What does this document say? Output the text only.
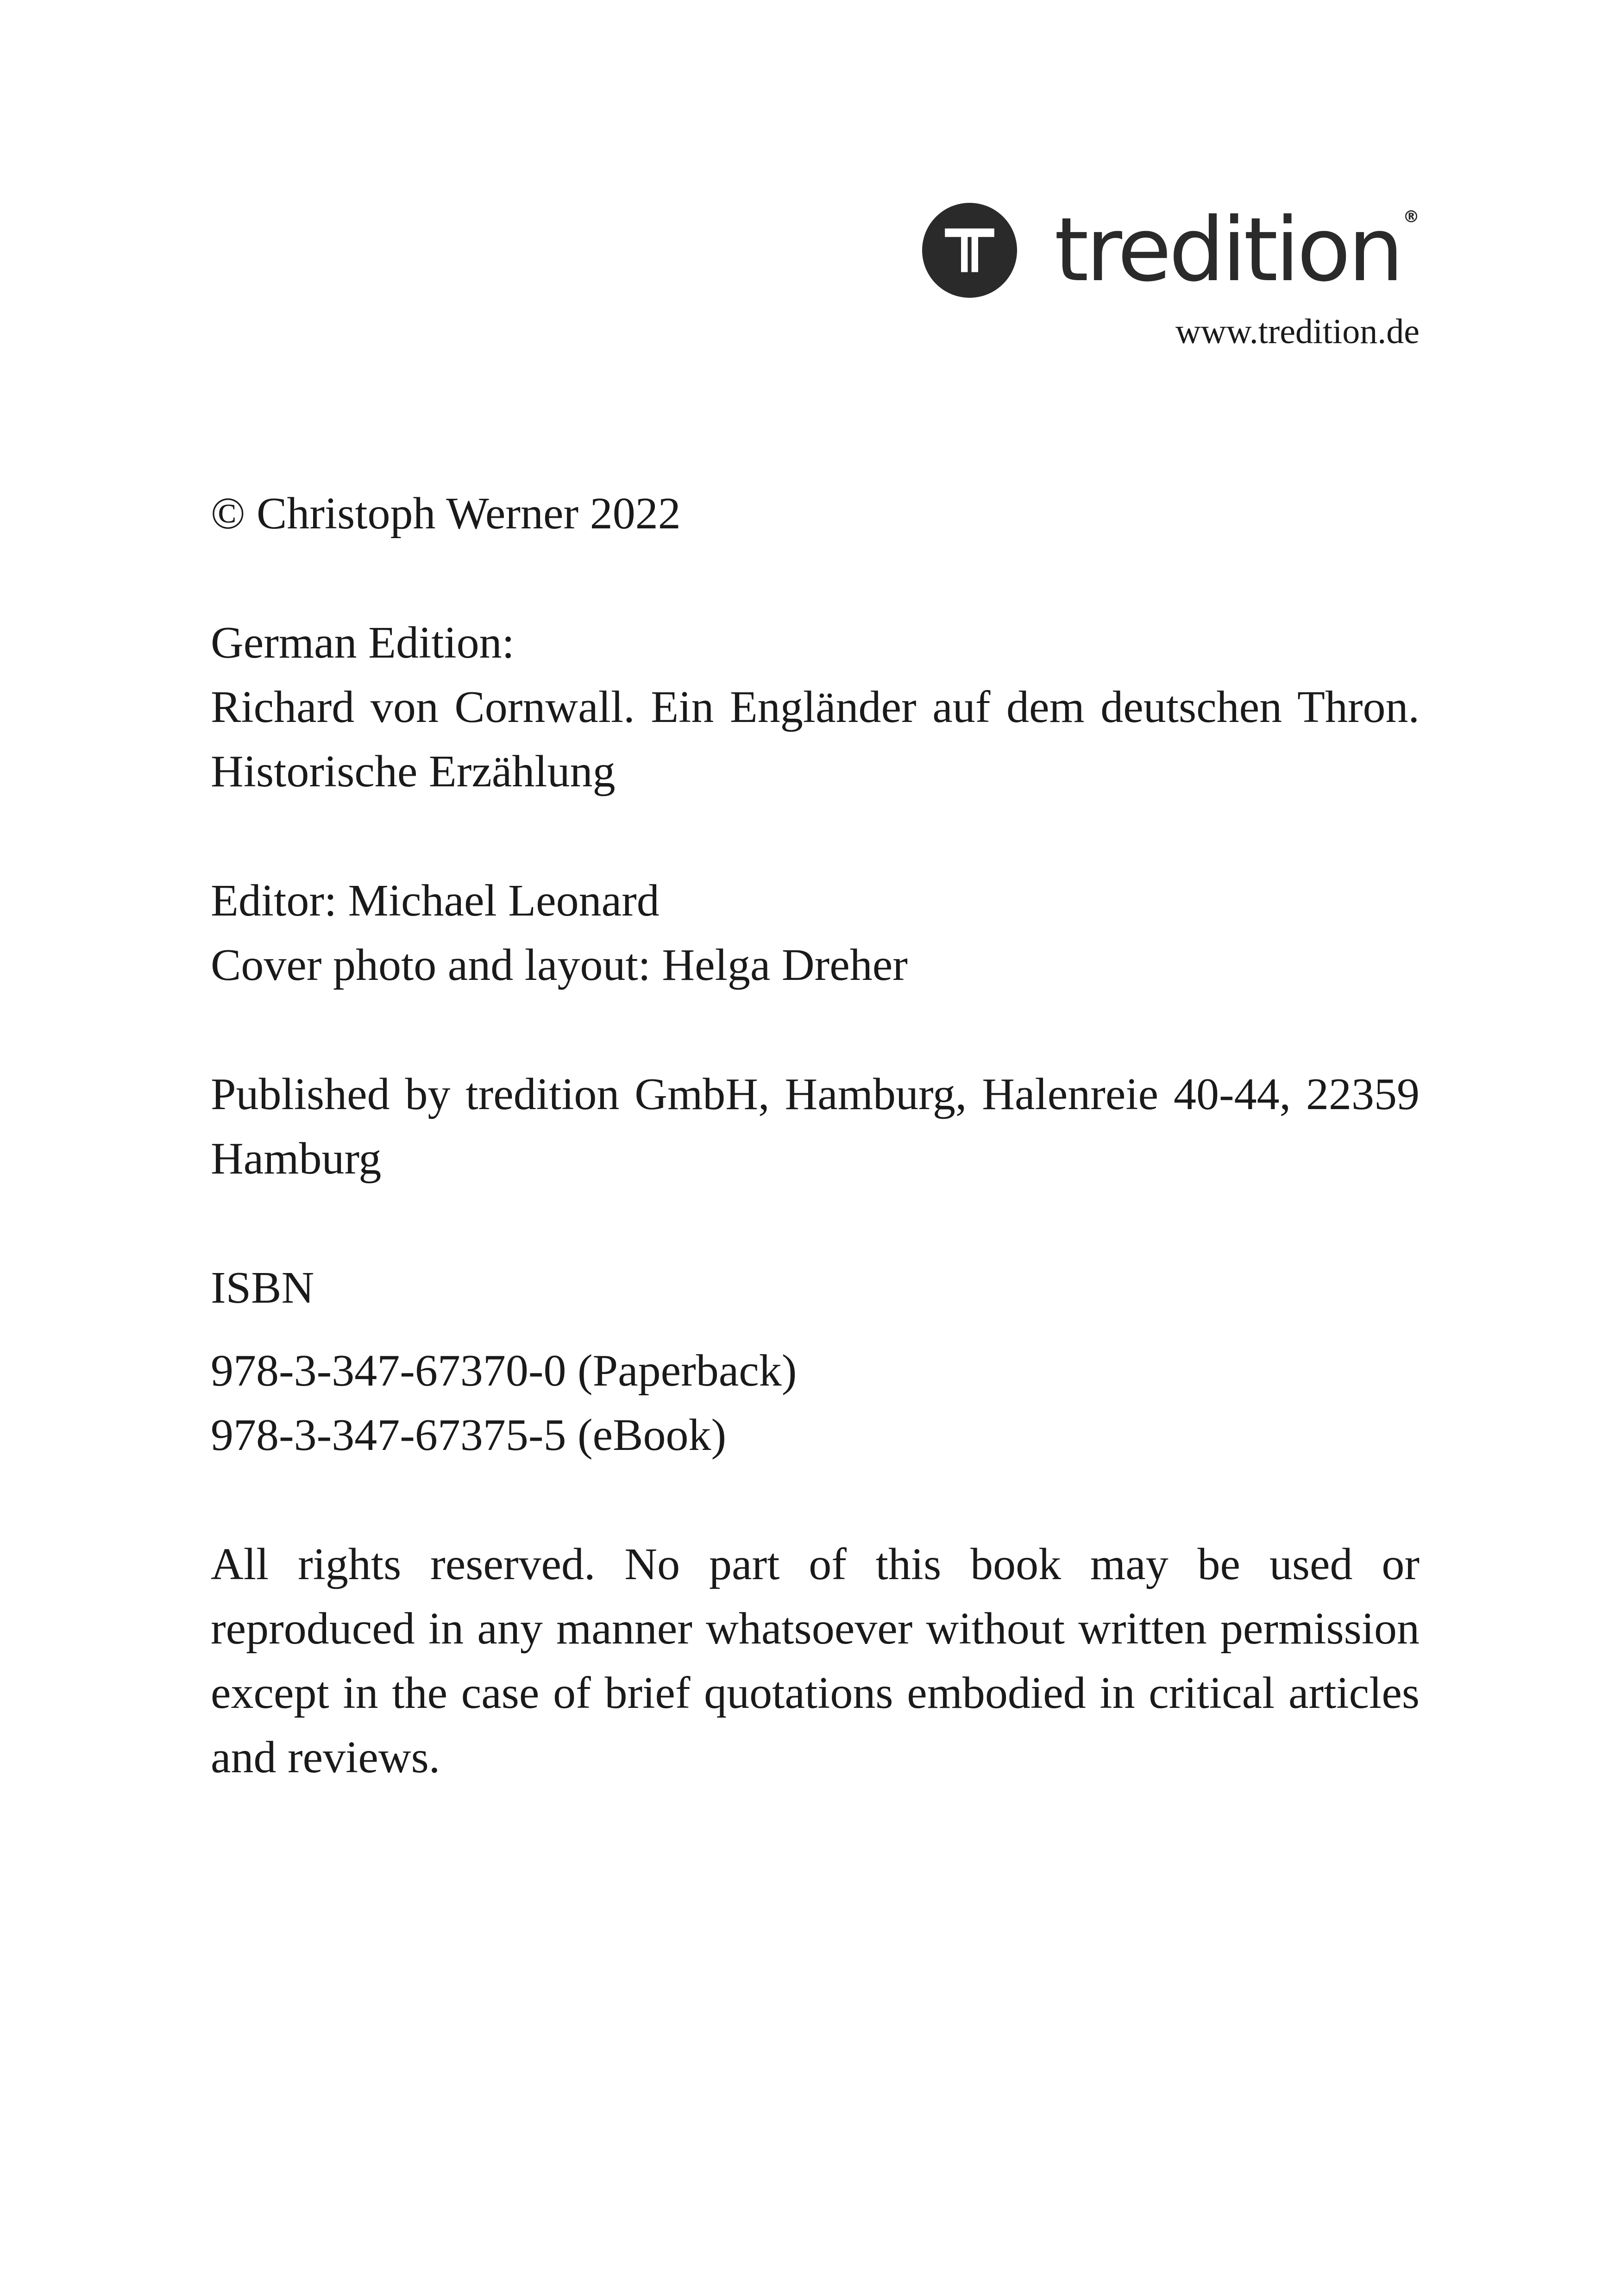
tredition ®
www.tredition.de

© Christoph Werner 2022

German Edition:

Richard von Cornwall. Ein Engländer auf dem deutschen Thron. Historische Erzählung

Editor: Michael Leonard

Cover photo and layout: Helga Dreher

Published by tredition GmbH, Hamburg, Halenreie 40-44, 22359 Hamburg

ISBN

978-3-347-67370-0 (Paperback)

978-3-347-67375-5 (eBook)

All rights reserved. No part of this book may be used or reproduced in any manner whatsoever without written permission except in the case of brief quotations embodied in critical articles and reviews.
